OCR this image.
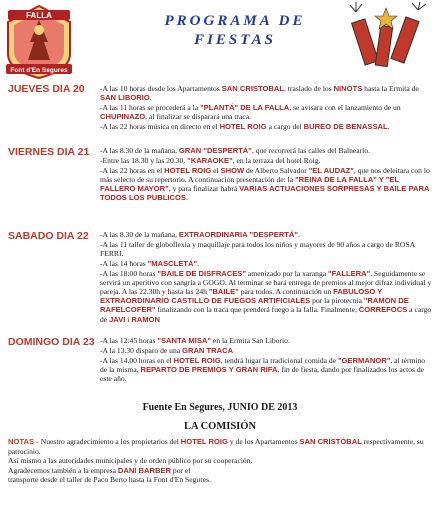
FALLA
Font d'En Segures
PROGRAMA DE
FIESTAS
JUEVES DIA 20	-A las 10 horas desde los Apartamentos SAN CRISTOBAL, traslado de los NINOTS hasta la Ermita de SAN LIBORIO.

-A las 11 horas se procederá a la "PLANTÁ" DE LA FALLA, se avisara con el lanzamiento de un CHUPINAZO, al finalizar se disparará una traca.

-A las 22 horas música en directo en el HOTEL ROIG a cargo del BUREO DE BENASSAL.

VIERNES DIA 21	-A las 8.30 de la mañana, GRAN "DESPERTÁ", que recorrerá las calles del Balneario.

-Entre las 18.30 y las 20.30, "KARAOKE", en la terraza del hotel Roig.

-A las 22 horas en el HOTEL ROIG el SHOW de Alberto Salvador "EL AUDAZ", que nos deleitara con lo más selecto de su repertorio. A continuación presentación de: la "REINA DE LA FALLA" Y "EL FALLERO MAYOR", y para finalizar habrá VARIAS ACTUACIONES SORPRESAS Y BAILE PARA TODOS LOS PUBLICOS.

SABADO DIA 22	-A las 8.30 de la mañana, EXTRAORDINARIA "DESPERTÁ".

-A las 11 taller de globoflexia y maquillaje para todos los niños y mayores de 90 años a cargo de ROSA FERRI.

-A las 14 horas "MASCLETÁ".

-A las 18:00 horas "BAILE DE DISFRACES" amenizado por la xaranga "FALLERA". Seguidamente se servirá un aperitivo con sangría a GOGO. Al terminar se hará entrega de premios al mejor difraz individual y pareja. A las 22.30h y hasta las 24h "BAILE" para todos. A continuación un FABULOSO Y EXTRAORDINARIO CASTILLO DE FUEGOS ARTIFICIALES por la pirotecnia "RAMON DE RAFELCOFER" finalizando con la traca que prenderá fuego a la falla. Finalmente, CORREFOCS a cargo de JAVI i RAMON

DOMINGO DIA 23 -A las 12:45 horas "SANTA MISA" en la Ermita San Liborio.

-A la 13.30 disparo de una GRAN TRACA

-A las 14.00 horas en el HOTEL ROIG, tendrá lugar la tradicional comida de "GERMANOR", al término de la misma, REPARTO DE PREMIOS Y GRAN RIFA, fin de fiesta, dando por finalizados los actos de este año.

Fuente En Segures, JUNIO DE 2013
LA COMISIÓN

NOTAS - Nuestro agradecimiento a los propietarios del HOTEL ROIG y de los Apartamentos SAN CRISTÓBAL respectivamente, su patrocinio.

Así mismo a las autoridades municipales y de orden público por su cooperación.

Agradecemos también a la empresa DANI BARBER por el

transporte desde el taller de Paco Berto hasta la Font d'En Segures.
